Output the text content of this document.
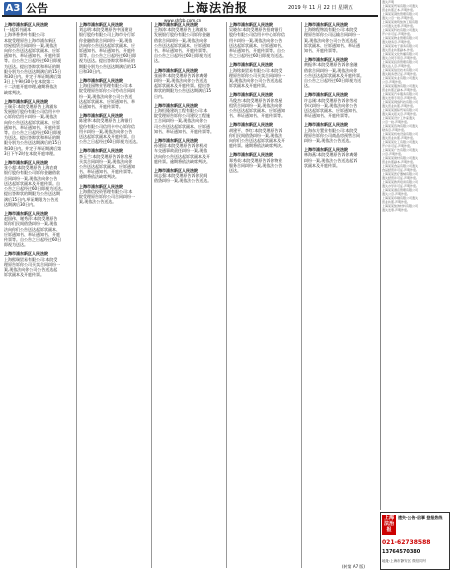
A3 公告	上海法治报	2019 年 11 月 22 日 星期五
www.shfzb.com.cn
上海市浦东新区人民法院
(一)起诉书副本
上海华香茶叶有限公司:
本院受理原告上海市浦东新区
房屋租赁合同纠纷一案,现依法
向你公告送达起诉状副本、应诉
通知书、举证通知书、开庭传票
等。自公告之日起经过60日即视
为送达。提出答辩状和举证的期
限分别为公告送达期满后的15日
和30日内。并定于举证期满后第
3日上午9时30分在本院第二
十二法庭开庭审理,逾期将依法
缺席判决。
上海市浦东新区人民法院
王瑞芬:本院受理原告上海浦东
发展银行股份有限公司信用卡中
心诉你信用卡纠纷一案,现依法
向你公告送达起诉状副本、应诉
通知书、举证通知书、开庭传票
等。自公告之日起经过60日即视
为送达。提出答辩状和举证的期
限分别为公告送达期满后的15日
和30日内。并定于举证期满后第
3日下午2时在本院开庭审理。
上海市浦东新区人民法院
张小超:本院受理原告上海农商
银行股份有限公司诉你金融借款
合同纠纷一案,现依法向你公告
送达起诉状副本及开庭传票。自
公告之日起经过60日即视为送达。
提出答辩状的期限为公告送达期
满后15日内,举证期限为公告送
达期满后30日内。
上海市浦东新区人民法院
赵国伟、谢秀萍:本院受理原告
诉你们民间借贷纠纷一案,现依
法向你们公告送达起诉状副本、
应诉通知书、举证通知书、开庭
传票等。自公告之日起经过60日
即视为送达。
上海市浦东新区人民法院
上海熙瑞贸易有限公司:本院受
理原告诉你公司买卖合同纠纷一
案,现依法向你公司公告送达起
诉状副本及开庭传票。
上海市浦东新区人民法院
刘志明:本院受理原告中国建设
银行股份有限公司上海市分行诉
你金融借款合同纠纷一案,现依
法向你公告送达起诉状副本、应
诉通知书、举证通知书、开庭传
票等。自公告之日起经过60日即
视为送达。提出答辩状和举证的
期限分别为公告送达期满后的15
日和30日内。
上海市浦东新区人民法院
上海佳园物业管理有限公司:本
院受理原告诉你公司劳动合同纠
纷一案,现依法向你公司公告送
达起诉状副本、应诉通知书、举
证通知书、开庭传票等。
上海市浦东新区人民法院
陈建华:本院受理原告上海银行
股份有限公司信用卡中心诉你信
用卡纠纷一案,现依法向你公告
送达起诉状副本及开庭传票。自
公告之日起经过60日即视为送达。
上海市浦东新区人民法院
李玉兰:本院受理原告诉你房屋
买卖合同纠纷一案,现依法向你
公告送达起诉状副本、应诉通知
书、举证通知书、开庭传票等。
逾期将依法缺席判决。
上海市浦东新区人民法院
上海鼎信投资管理有限公司:本
院受理原告诉你公司合同纠纷一
案,现依法公告送达。
上海市浦东新区人民法院
王海涛:本院受理原告上海浦东
发展银行股份有限公司诉你金融
借款合同纠纷一案,现依法向你
公告送达起诉状副本、应诉通知
书、举证通知书、开庭传票等。
自公告之日起经过60日即视为送
达。
上海市浦东新区人民法院
张丽华:本院受理原告诉你离婚
纠纷一案,现依法向你公告送达
起诉状副本及开庭传票。提出答
辩状的期限为公告送达期满后15
日内。
上海市浦东新区人民法院
上海恒隆建筑工程有限公司:本
院受理原告诉你公司建设工程施
工合同纠纷一案,现依法向你公
司公告送达起诉状副本、应诉通
知书、举证通知书、开庭传票等。
上海市浦东新区人民法院
孙建国:本院受理原告诉你机动
车交通事故责任纠纷一案,现依
法向你公告送达起诉状副本及开
庭传票。逾期将依法缺席判决。
上海市浦东新区人民法院
周志强:本院受理原告诉你民间
借贷纠纷一案,现依法公告送达。
上海市浦东新区人民法院
吴晓东:本院受理原告招商银行
股份有限公司信用卡中心诉你信
用卡纠纷一案,现依法向你公告
送达起诉状副本、应诉通知书、
举证通知书、开庭传票等。自公
告之日起经过60日即视为送达。
上海市浦东新区人民法院
上海铭泰贸易有限公司:本院受
理原告诉你公司买卖合同纠纷一
案,现依法向你公司公告送达起
诉状副本及开庭传票。
上海市浦东新区人民法院
马俊杰:本院受理原告诉你房屋
租赁合同纠纷一案,现依法向你
公告送达起诉状副本、应诉通知
书、举证通知书、开庭传票等。
上海市浦东新区人民法院
胡建平、李红:本院受理原告诉
你们民间借贷纠纷一案,现依法
向你们公告送达起诉状副本及开
庭传票。逾期将依法缺席判决。
上海市浦东新区人民法院
郑秀英:本院受理原告诉你物业
服务合同纠纷一案,现依法公告
送达。
上海市浦东新区人民法院
上海锦程物流有限公司:本院受
理原告诉你公司运输合同纠纷一
案,现依法向你公司公告送达起
诉状副本、应诉通知书、举证通
知书、开庭传票等。
上海市浦东新区人民法院
黄振华:本院受理原告诉你金融
借款合同纠纷一案,现依法向你
公告送达起诉状副本及开庭传票。
自公告之日起经过60日即视为送
达。
上海市浦东新区人民法院
许志刚:本院受理原告诉你劳动
争议纠纷一案,现依法向你公告
送达起诉状副本、应诉通知书、
举证通知书、开庭传票等。
上海市浦东新区人民法院
上海东方置业有限公司:本院受
理原告诉你公司商品房预售合同
纠纷一案,现依法公告送达。
上海市浦东新区人民法院
林海燕:本院受理原告诉你离婚
纠纷一案,现依法公告送达起诉
状副本及开庭传票。
遗失声明
上海某某贸易有限公司遗失
营业执照正本,声明作废。
上海某某餐饮管理有限公司
遗失公章一枚,声明作废。
上海某某建筑装饰工程有限
公司遗失发票,声明作废。
上海某某科技有限公司遗失
开户许可证,声明作废。
上海某某物业管理有限公司
遗失财务章,声明作废。
上海某某电子商务有限公司
遗失营业执照副本,作废。
上海某某文化传播有限公司
遗失合同专用章,声明作废。
上海某某投资管理有限公司
遗失法人章,声明作废。
上海某某信息技术有限公司
遗失税务登记证,声明作废。
上海某某实业有限公司遗失
公章,声明作废。
上海某某服饰有限公司遗失
营业执照正副本,声明作废。
上海某某汽车服务有限公司
遗失发票专用章,声明作废。
上海某某网络科技有限公司
遗失营业执照,声明作废。
上海某某国际贸易有限公司
遗失海关报关章,声明作废。
上海某某设计工作室遗失
公章一枚,声明作废。
上海某某咨询有限公司遗失
财务章,声明作废。
上海某某机电设备有限公司
遗失营业执照,声明作废。
上海某某化工有限公司遗失
开户许可证,声明作废。
上海某某广告有限公司遗失
公章,声明作废。
上海某某建材有限公司遗失
营业执照副本,声明作废。
上海某某食品有限公司遗失
食品经营许可证,声明作废。
上海某某医疗器械有限公司
遗失经营许可证,声明作废。
上海某某教育培训有限公司
遗失办学许可证,声明作废。
上海某某酒店管理有限公司
遗失公章,声明作废。
上海某某印刷有限公司遗失
营业执照,声明作废。
上海某某装饰材料有限公司
遗失发票,声明作废。
上海法治报
遗失·公告·启事 登报热线
021-62738588
13764570380
地址:上海市静安区 微信同号
(转第 A7 版)
